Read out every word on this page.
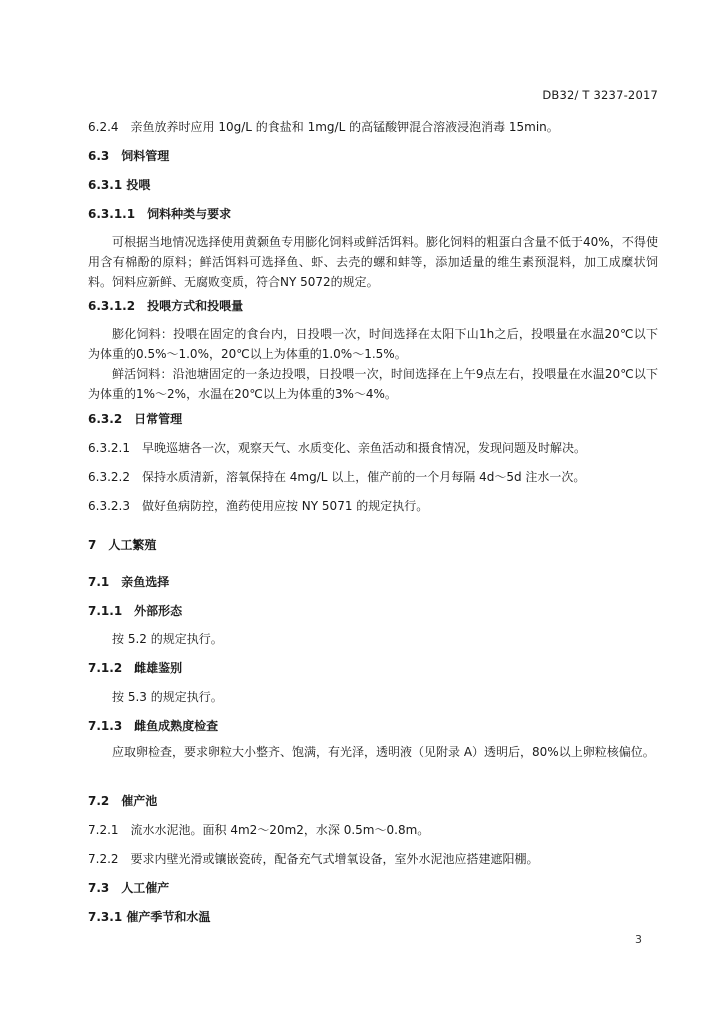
DB32/ T 3237-2017
6.2.4　亲鱼放养时应用 10g/L 的食盐和 1mg/L 的高锰酸钾混合溶液浸泡消毒 15min。
6.3　饲料管理
6.3.1 投喂
6.3.1.1　饲料种类与要求
可根据当地情况选择使用黄颡鱼专用膨化饲料或鲜活饵料。膨化饲料的粗蛋白含量不低于40%，不得使用含有棉酚的原料；鲜活饵料可选择鱼、虾、去壳的螺和蚌等，添加适量的维生素预混料，加工成糜状饲料。饲料应新鲜、无腐败变质，符合NY 5072的规定。
6.3.1.2　投喂方式和投喂量
膨化饲料：投喂在固定的食台内，日投喂一次，时间选择在太阳下山1h之后，投喂量在水温20℃以下为体重的0.5%～1.0%，20℃以上为体重的1.0%～1.5%。
鲜活饲料：沿池塘固定的一条边投喂，日投喂一次，时间选择在上午9点左右，投喂量在水温20℃以下为体重的1%～2%，水温在20℃以上为体重的3%～4%。
6.3.2　日常管理
6.3.2.1　早晚巡塘各一次，观察天气、水质变化、亲鱼活动和摄食情况，发现问题及时解决。
6.3.2.2　保持水质清新，溶氧保持在 4mg/L 以上，催产前的一个月每隔 4d～5d 注水一次。
6.3.2.3　做好鱼病防控，渔药使用应按 NY 5071 的规定执行。
7　人工繁殖
7.1　亲鱼选择
7.1.1　外部形态
按 5.2 的规定执行。
7.1.2　雌雄鉴别
按 5.3 的规定执行。
7.1.3　雌鱼成熟度检查
应取卵检查，要求卵粒大小整齐、饱满，有光泽，透明液（见附录 A）透明后，80%以上卵粒核偏位。
7.2　催产池
7.2.1　流水水泥池。面积 4m2～20m2，水深 0.5m～0.8m。
7.2.2　要求内壁光滑或镶嵌瓷砖，配备充气式增氧设备，室外水泥池应搭建遮阳棚。
7.3　人工催产
7.3.1 催产季节和水温
3
